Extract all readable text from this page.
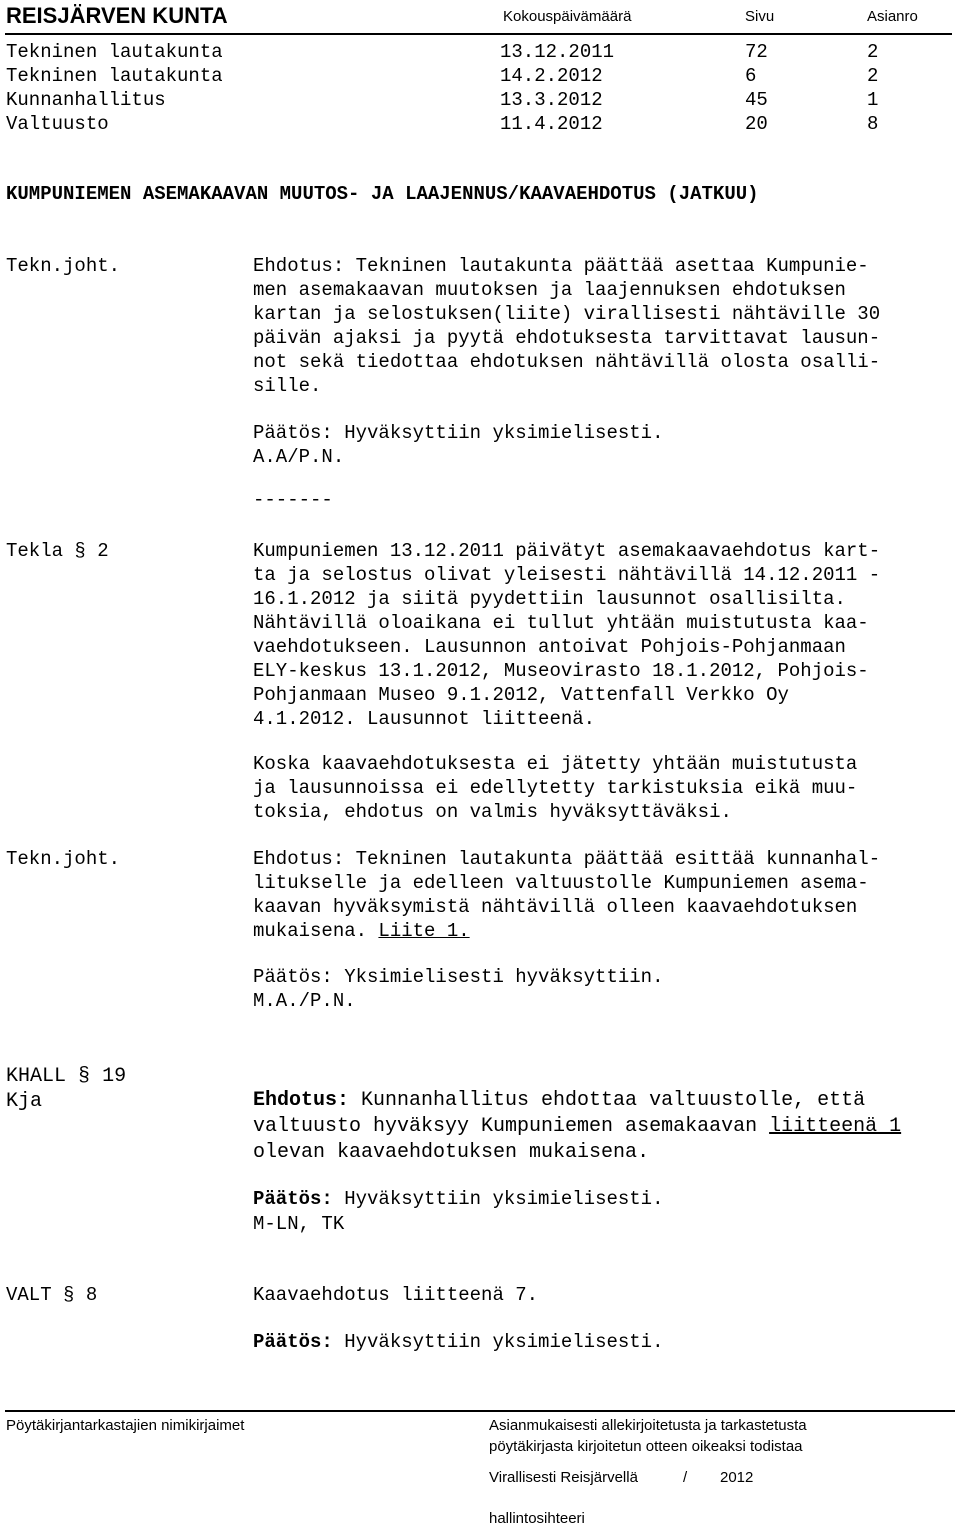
REISJÄRVEN KUNTA	Kokouspäivämäärä	Sivu	Asianro
Tekninen lautakunta	13.12.2011	72	2
Tekninen lautakunta	14.2.2012	6	2
Kunnanhallitus	13.3.2012	45	1
Valtuusto	11.4.2012	20	8
KUMPUNIEMEN ASEMAKAAVAN MUUTOS- JA LAAJENNUS/KAAVAEHDOTUS (JATKUU)
Tekn.joht.	Ehdotus: Tekninen lautakunta päättää asettaa Kumpunie-
men asemakaavan muutoksen ja laajennuksen ehdotuksen
kartan ja selostuksen(liite) virallisesti nähtäville 30
päivän ajaksi ja pyytä ehdotuksesta tarvittavat lausun-
not sekä tiedottaa ehdotuksen nähtävillä olosta osalli-
sille.
Päätös: Hyväksyttiin yksimielisesti.
A.A/P.N.
-------
Tekla § 2	Kumpuniemen 13.12.2011 päivätyt asemakaavaehdotus kart-
ta ja selostus olivat yleisesti nähtävillä 14.12.2011 -
16.1.2012 ja siitä pyydettiin lausunnot osallisilta.
Nähtävillä oloaikana ei tullut yhtään muistutusta kaa-
vaehdotukseen. Lausunnon antoivat Pohjois-Pohjanmaan
ELY-keskus 13.1.2012, Museovirasto 18.1.2012, Pohjois-
Pohjanmaan Museo 9.1.2012, Vattenfall Verkko Oy
4.1.2012. Lausunnot liitteenä.
Koska kaavaehdotuksesta ei jätetty yhtään muistutusta
ja lausunnoissa ei edellytetty tarkistuksia eikä muu-
toksia, ehdotus on valmis hyväksyttäväksi.
Tekn.joht.	Ehdotus: Tekninen lautakunta päättää esittää kunnanhal-
litukselle ja edelleen valtuustolle Kumpuniemen asema-
kaavan hyväksymistä nähtävillä olleen kaavaehdotuksen
mukaisena. Liite 1.
Päätös: Yksimielisesti hyväksyttiin.
M.A./P.N.
KHALL § 19
Kja	Ehdotus: Kunnanhallitus ehdottaa valtuustolle, että
valtuusto hyväksyy Kumpuniemen asemakaavan liitteenä 1
olevan kaavaehdotuksen mukaisena.
Päätös: Hyväksyttiin yksimielisesti.
M-LN, TK
VALT § 8	Kaavaehdotus liitteenä 7.
Päätös: Hyväksyttiin yksimielisesti.
Pöytäkirjantarkastajien nimikirjaimet	Asianmukaisesti allekirjoitetusta ja tarkastetusta
pöytäkirjasta kirjoitetun otteen oikeaksi todistaa
Virallisesti Reisjärvellä	/ 2012
hallintosihteeri
